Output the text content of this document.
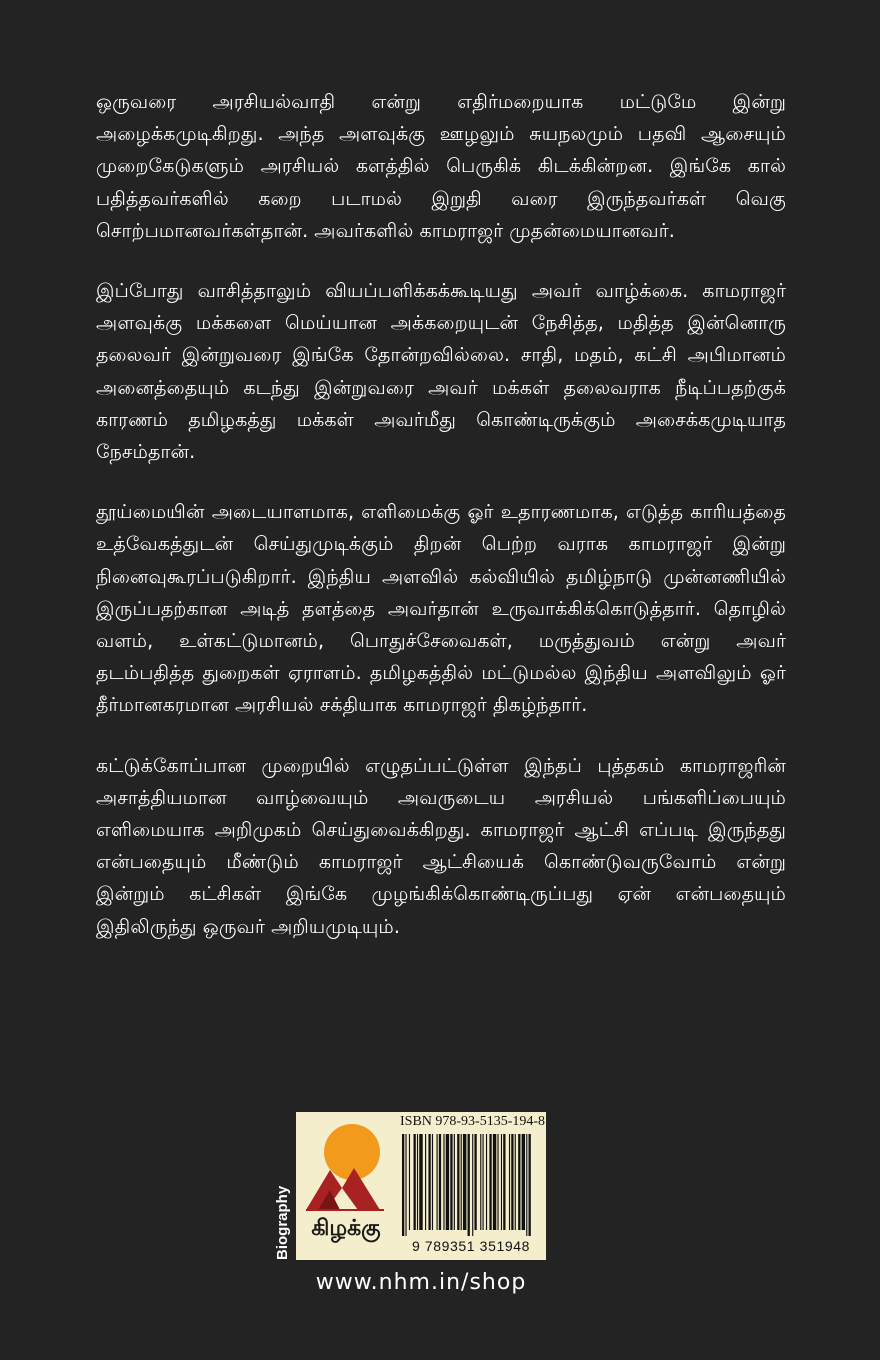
ஒருவரை அரசியல்வாதி என்று எதிர்மறையாக மட்டுமே இன்று அழைக்கமுடிகிறது. அந்த அளவுக்கு ஊழலும் சுயநலமும் பதவி ஆசையும் முறைகேடுகளும் அரசியல் களத்தில் பெருகிக் கிடக்கின்றன. இங்கே கால் பதித்தவர்களில் கறை படாமல் இறுதி வரை இருந்தவர்கள் வெகு சொற்பமானவர்கள்தான். அவர்களில் காமராஜர் முதன்மையானவர்.

இப்போது வாசித்தாலும் வியப்பளிக்கக்கூடியது அவர் வாழ்க்கை. காமராஜர் அளவுக்கு மக்களை மெய்யான அக்கறையுடன் நேசித்த, மதித்த இன்னொரு தலைவர் இன்றுவரை இங்கே தோன்றவில்லை. சாதி, மதம், கட்சி அபிமானம் அனைத்தையும் கடந்து இன்றுவரை அவர் மக்கள் தலைவராக நீடிப்பதற்குக் காரணம் தமிழகத்து மக்கள் அவர்மீது கொண்டிருக்கும் அசைக்கமுடியாத நேசம்தான்.

தூய்மையின் அடையாளமாக, எளிமைக்கு ஓர் உதாரணமாக, எடுத்த காரியத்தை உத்வேகத்துடன் செய்துமுடிக்கும் திறன் பெற்ற வராக காமராஜர் இன்று நினைவுகூரப்படுகிறார். இந்திய அளவில் கல்வியில் தமிழ்நாடு முன்னணியில் இருப்பதற்கான அடித் தளத்தை அவர்தான் உருவாக்கிக்கொடுத்தார். தொழில் வளம், உள்கட்டுமானம், பொதுச்சேவைகள், மருத்துவம் என்று அவர் தடம்பதித்த துறைகள் ஏராளம். தமிழகத்தில் மட்டுமல்ல இந்திய அளவிலும் ஓர் தீர்மானகரமான அரசியல் சக்தியாக காமராஜர் திகழ்ந்தார்.

கட்டுக்கோப்பான முறையில் எழுதப்பட்டுள்ள இந்தப் புத்தகம் காமராஜரின் அசாத்தியமான வாழ்வையும் அவருடைய அரசியல் பங்களிப்பையும் எளிமையாக அறிமுகம் செய்துவைக்கிறது. காமராஜர் ஆட்சி எப்படி இருந்தது என்பதையும் மீண்டும் காமராஜர் ஆட்சியைக் கொண்டுவருவோம் என்று இன்றும் கட்சிகள் இங்கே முழங்கிக்கொண்டிருப்பது ஏன் என்பதையும் இதிலிருந்து ஒருவர் அறியமுடியும்.

Biography கிழக்கு
ISBN 978-93-5135-194-8
9 789351 351948
www.nhm.in/shop
